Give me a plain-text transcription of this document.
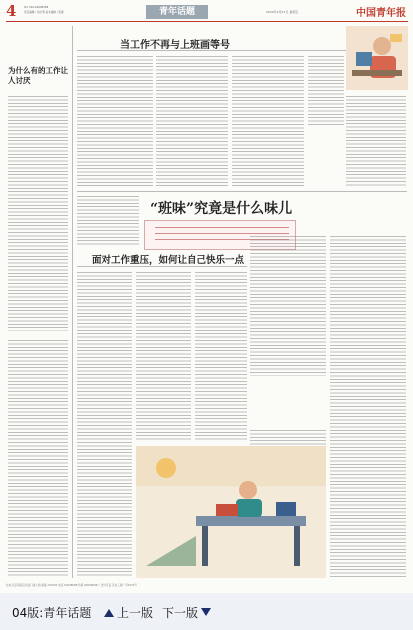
4	Tel: 010-64098368
责任编辑 / 刘志明 美术编辑 / 张媛	青年话题	2020年3月27日 星期五	中国青年报
当工作不再与上班画等号
为什么有的工作让人讨厌
“班味”究竟是什么味儿
面对工作重压，如何让自己快乐一点
社址:北京海淀区东直门南大街 邮编 100702 电话 64098088 传真 64098096 广告许可证 京东工商广字0233号
04版:青年话题	上一版 下一版
